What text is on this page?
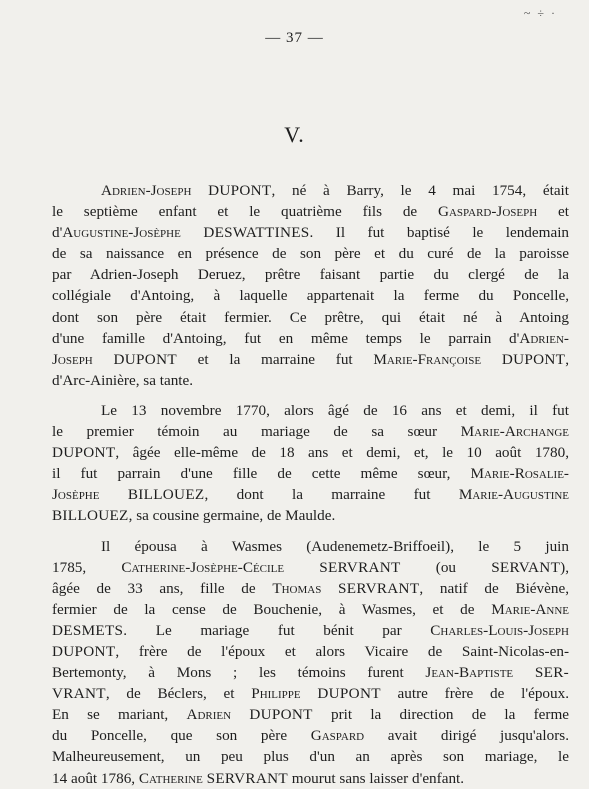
~ ÷ ·
— 37 —
V.
Adrien-Joseph DUPONT, né à Barry, le 4 mai 1754, était
le septième enfant et le quatrième fils de Gaspard-Joseph et
d'Augustine-Josèphe DESWATTINES. Il fut baptisé le lendemain
de sa naissance en présence de son père et du curé de la paroisse
par Adrien-Joseph Deruez, prêtre faisant partie du clergé de la
collégiale d'Antoing, à laquelle appartenait la ferme du Poncelle,
dont son père était fermier. Ce prêtre, qui était né à Antoing
d'une famille d'Antoing, fut en même temps le parrain d'Adrien-
Joseph DUPONT et la marraine fut Marie-Françoise DUPONT,
d'Arc-Ainière, sa tante.
Le 13 novembre 1770, alors âgé de 16 ans et demi, il fut
le premier témoin au mariage de sa sœur Marie-Archange
DUPONT, âgée elle-même de 18 ans et demi, et, le 10 août 1780,
il fut parrain d'une fille de cette même sœur, Marie-Rosalie-
Josèphe BILLOUEZ, dont la marraine fut Marie-Augustine
BILLOUEZ, sa cousine germaine, de Maulde.
Il épousa à Wasmes (Audenemetz-Briffoeil), le 5 juin
1785, Catherine-Josèphe-Cécile SERVRANT (ou SERVANT),
âgée de 33 ans, fille de Thomas SERVRANT, natif de Biévène,
fermier de la cense de Bouchenie, à Wasmes, et de Marie-Anne
DESMETS. Le mariage fut bénit par Charles-Louis-Joseph
DUPONT, frère de l'époux et alors Vicaire de Saint-Nicolas-en-
Bertemonty, à Mons ; les témoins furent Jean-Baptiste SER-
VRANT, de Béclers, et Philippe DUPONT autre frère de l'époux.
En se mariant, Adrien DUPONT prit la direction de la ferme
du Poncelle, que son père Gaspard avait dirigé jusqu'alors.
Malheureusement, un peu plus d'un an après son mariage, le
14 août 1786, Catherine SERVRANT mourut sans laisser d'enfant.
